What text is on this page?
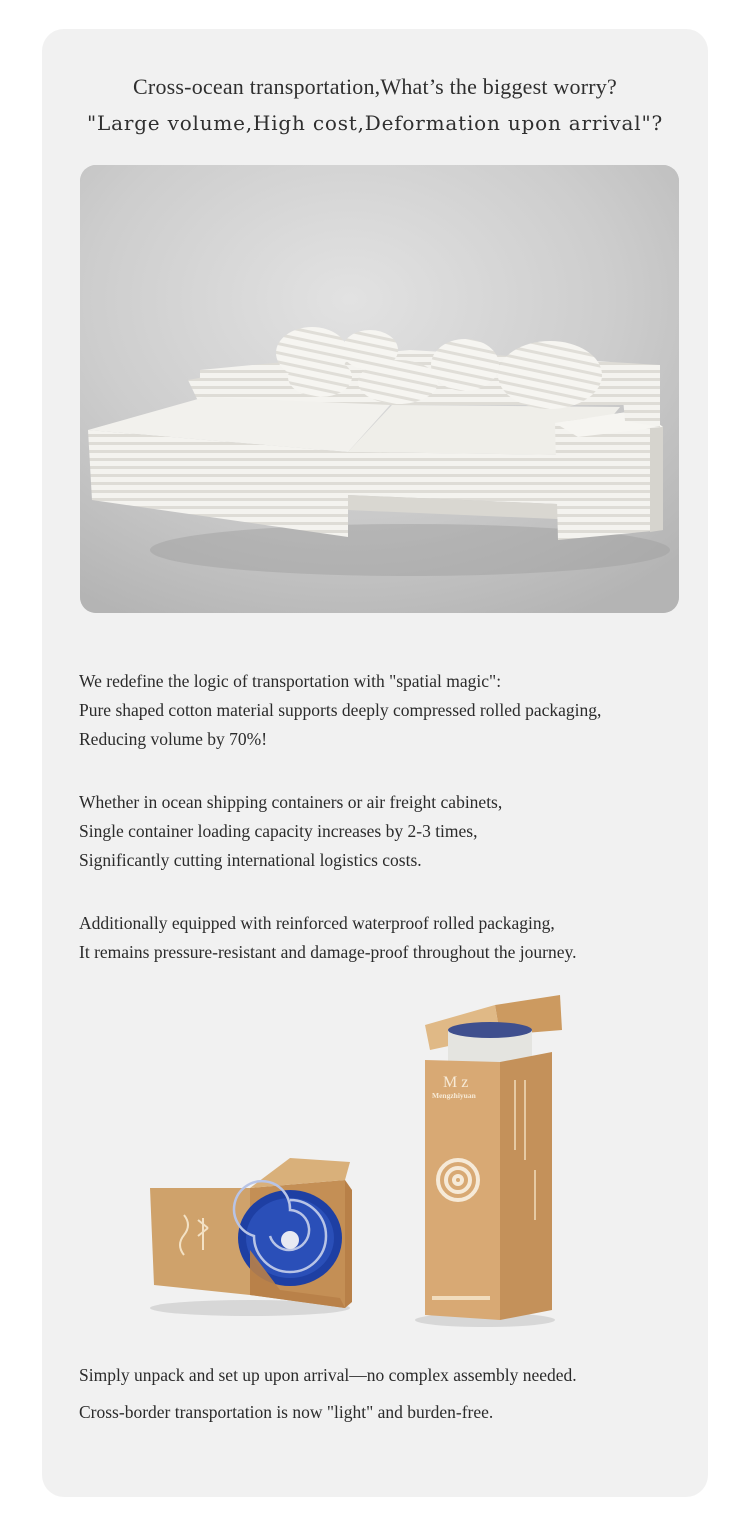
Cross-ocean transportation,What’s the biggest worry?
"Large volume,High cost,Deformation upon arrival"?
We redefine the logic of transportation with "spatial magic":
Pure shaped cotton material supports deeply compressed rolled packaging,
Reducing volume by 70%!
Whether in ocean shipping containers or air freight cabinets,
Single container loading capacity increases by 2-3 times,
Significantly cutting international logistics costs.
Additionally equipped with reinforced waterproof rolled packaging,
It remains pressure-resistant and damage-proof throughout the journey.
M z
Mengzhiyuan
Simply unpack and set up upon arrival—no complex assembly needed.
Cross-border transportation is now "light" and burden-free.
